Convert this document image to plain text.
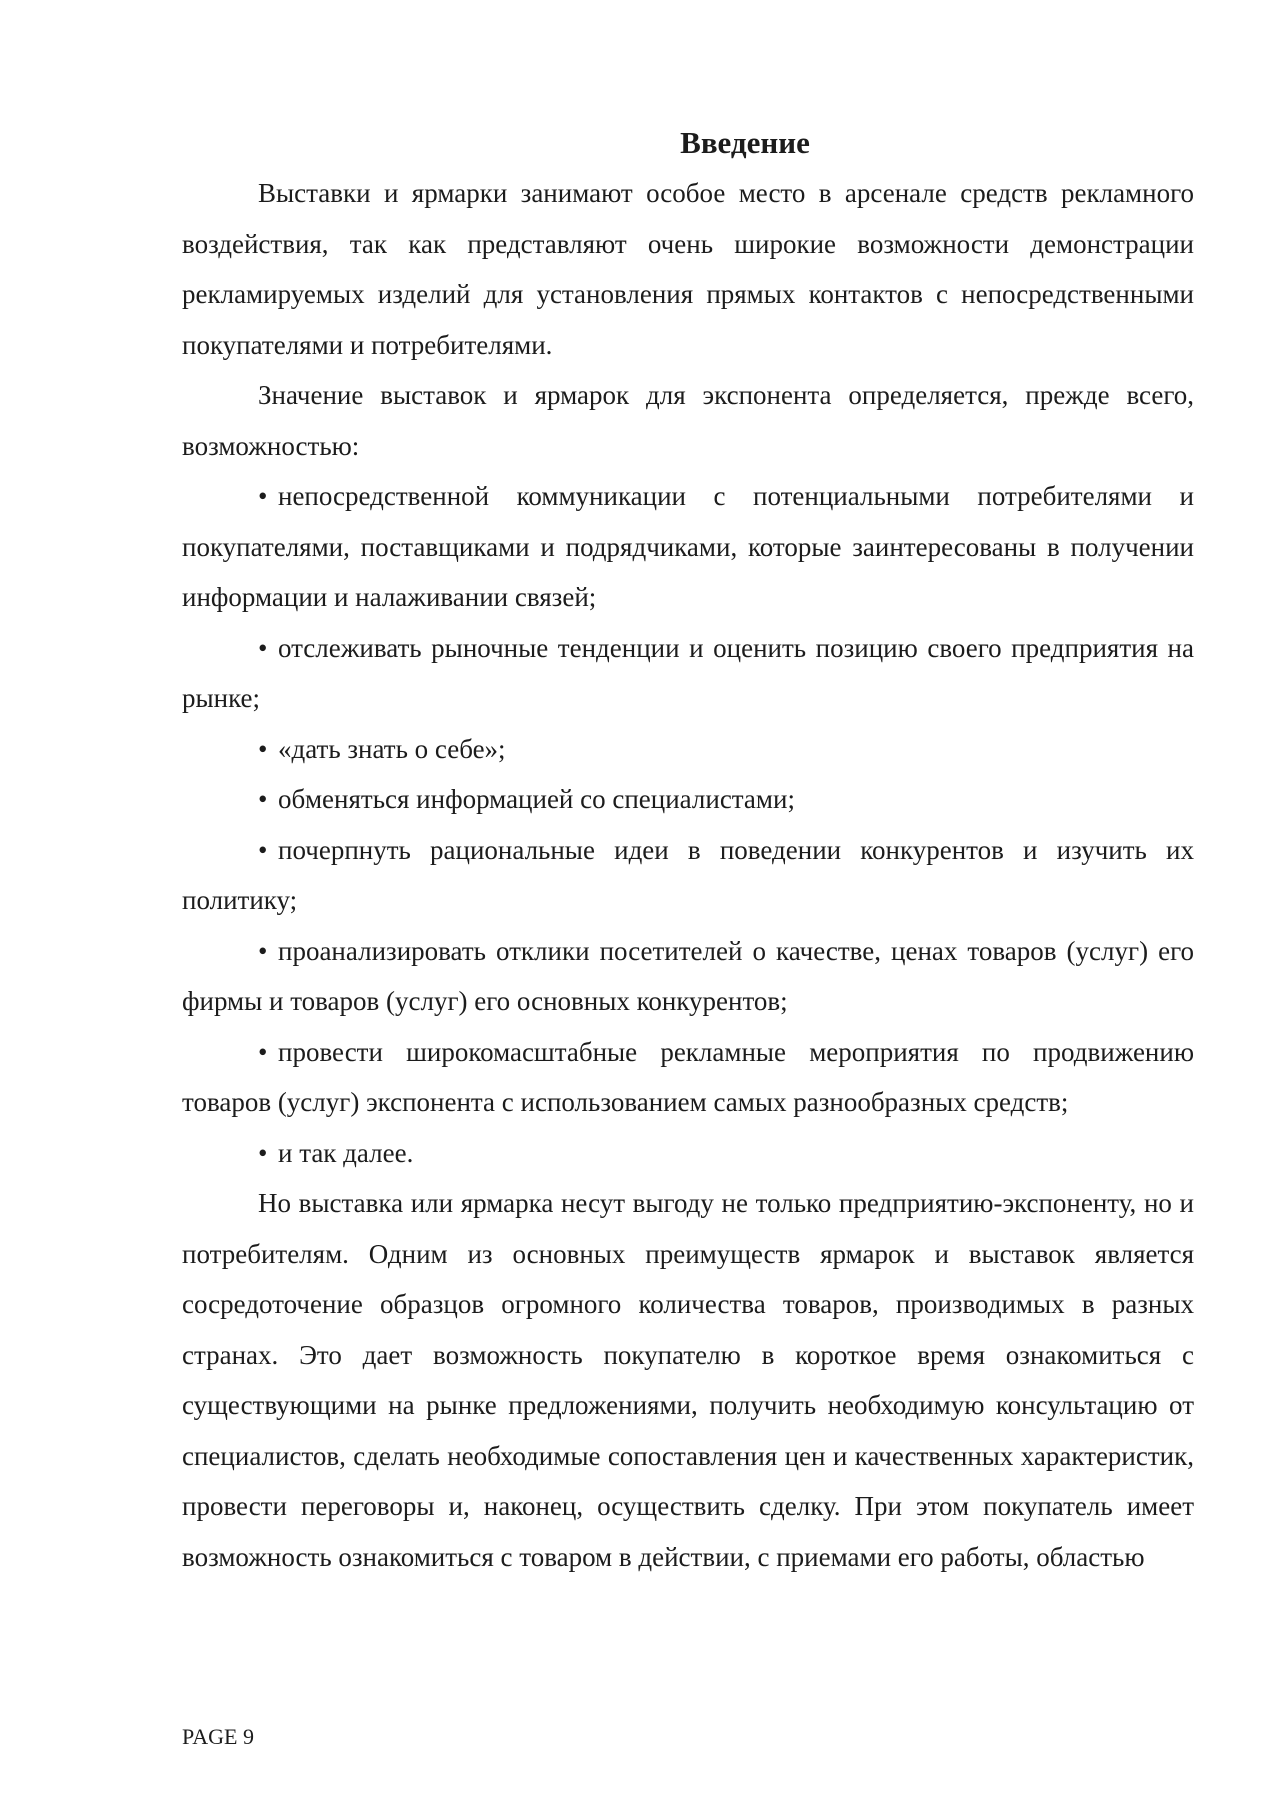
Введение

Выставки и ярмарки занимают особое место в арсенале средств рекламного воздействия, так как представляют очень широкие возможности демонстрации рекламируемых изделий для установления прямых контактов с непосредственными покупателями и потребителями.

Значение выставок и ярмарок для экспонента определяется, прежде всего, возможностью:

• непосредственной коммуникации с потенциальными потребителями и покупателями, поставщиками и подрядчиками, которые заинтересованы в получении информации и налаживании связей;

• отслеживать рыночные тенденции и оценить позицию своего предприятия на рынке;

• «дать знать о себе»;

• обменяться информацией со специалистами;

• почерпнуть рациональные идеи в поведении конкурентов и изучить их политику;

• проанализировать отклики посетителей о качестве, ценах товаров (услуг) его фирмы и товаров (услуг) его основных конкурентов;

• провести широкомасштабные рекламные мероприятия по продвижению товаров (услуг) экспонента с использованием самых разнообразных средств;

• и так далее.

Но выставка или ярмарка несут выгоду не только предприятию-экспоненту, но и потребителям. Одним из основных преимуществ ярмарок и выставок является сосредоточение образцов огромного количества товаров, производимых в разных странах. Это дает возможность покупателю в короткое время ознакомиться с существующими на рынке предложениями, получить необходимую консультацию от специалистов, сделать необходимые сопоставления цен и качественных характеристик, провести переговоры и, наконец, осуществить сделку. При этом покупатель имеет возможность ознакомиться с товаром в действии, с приемами его работы, областью

PAGE 9
